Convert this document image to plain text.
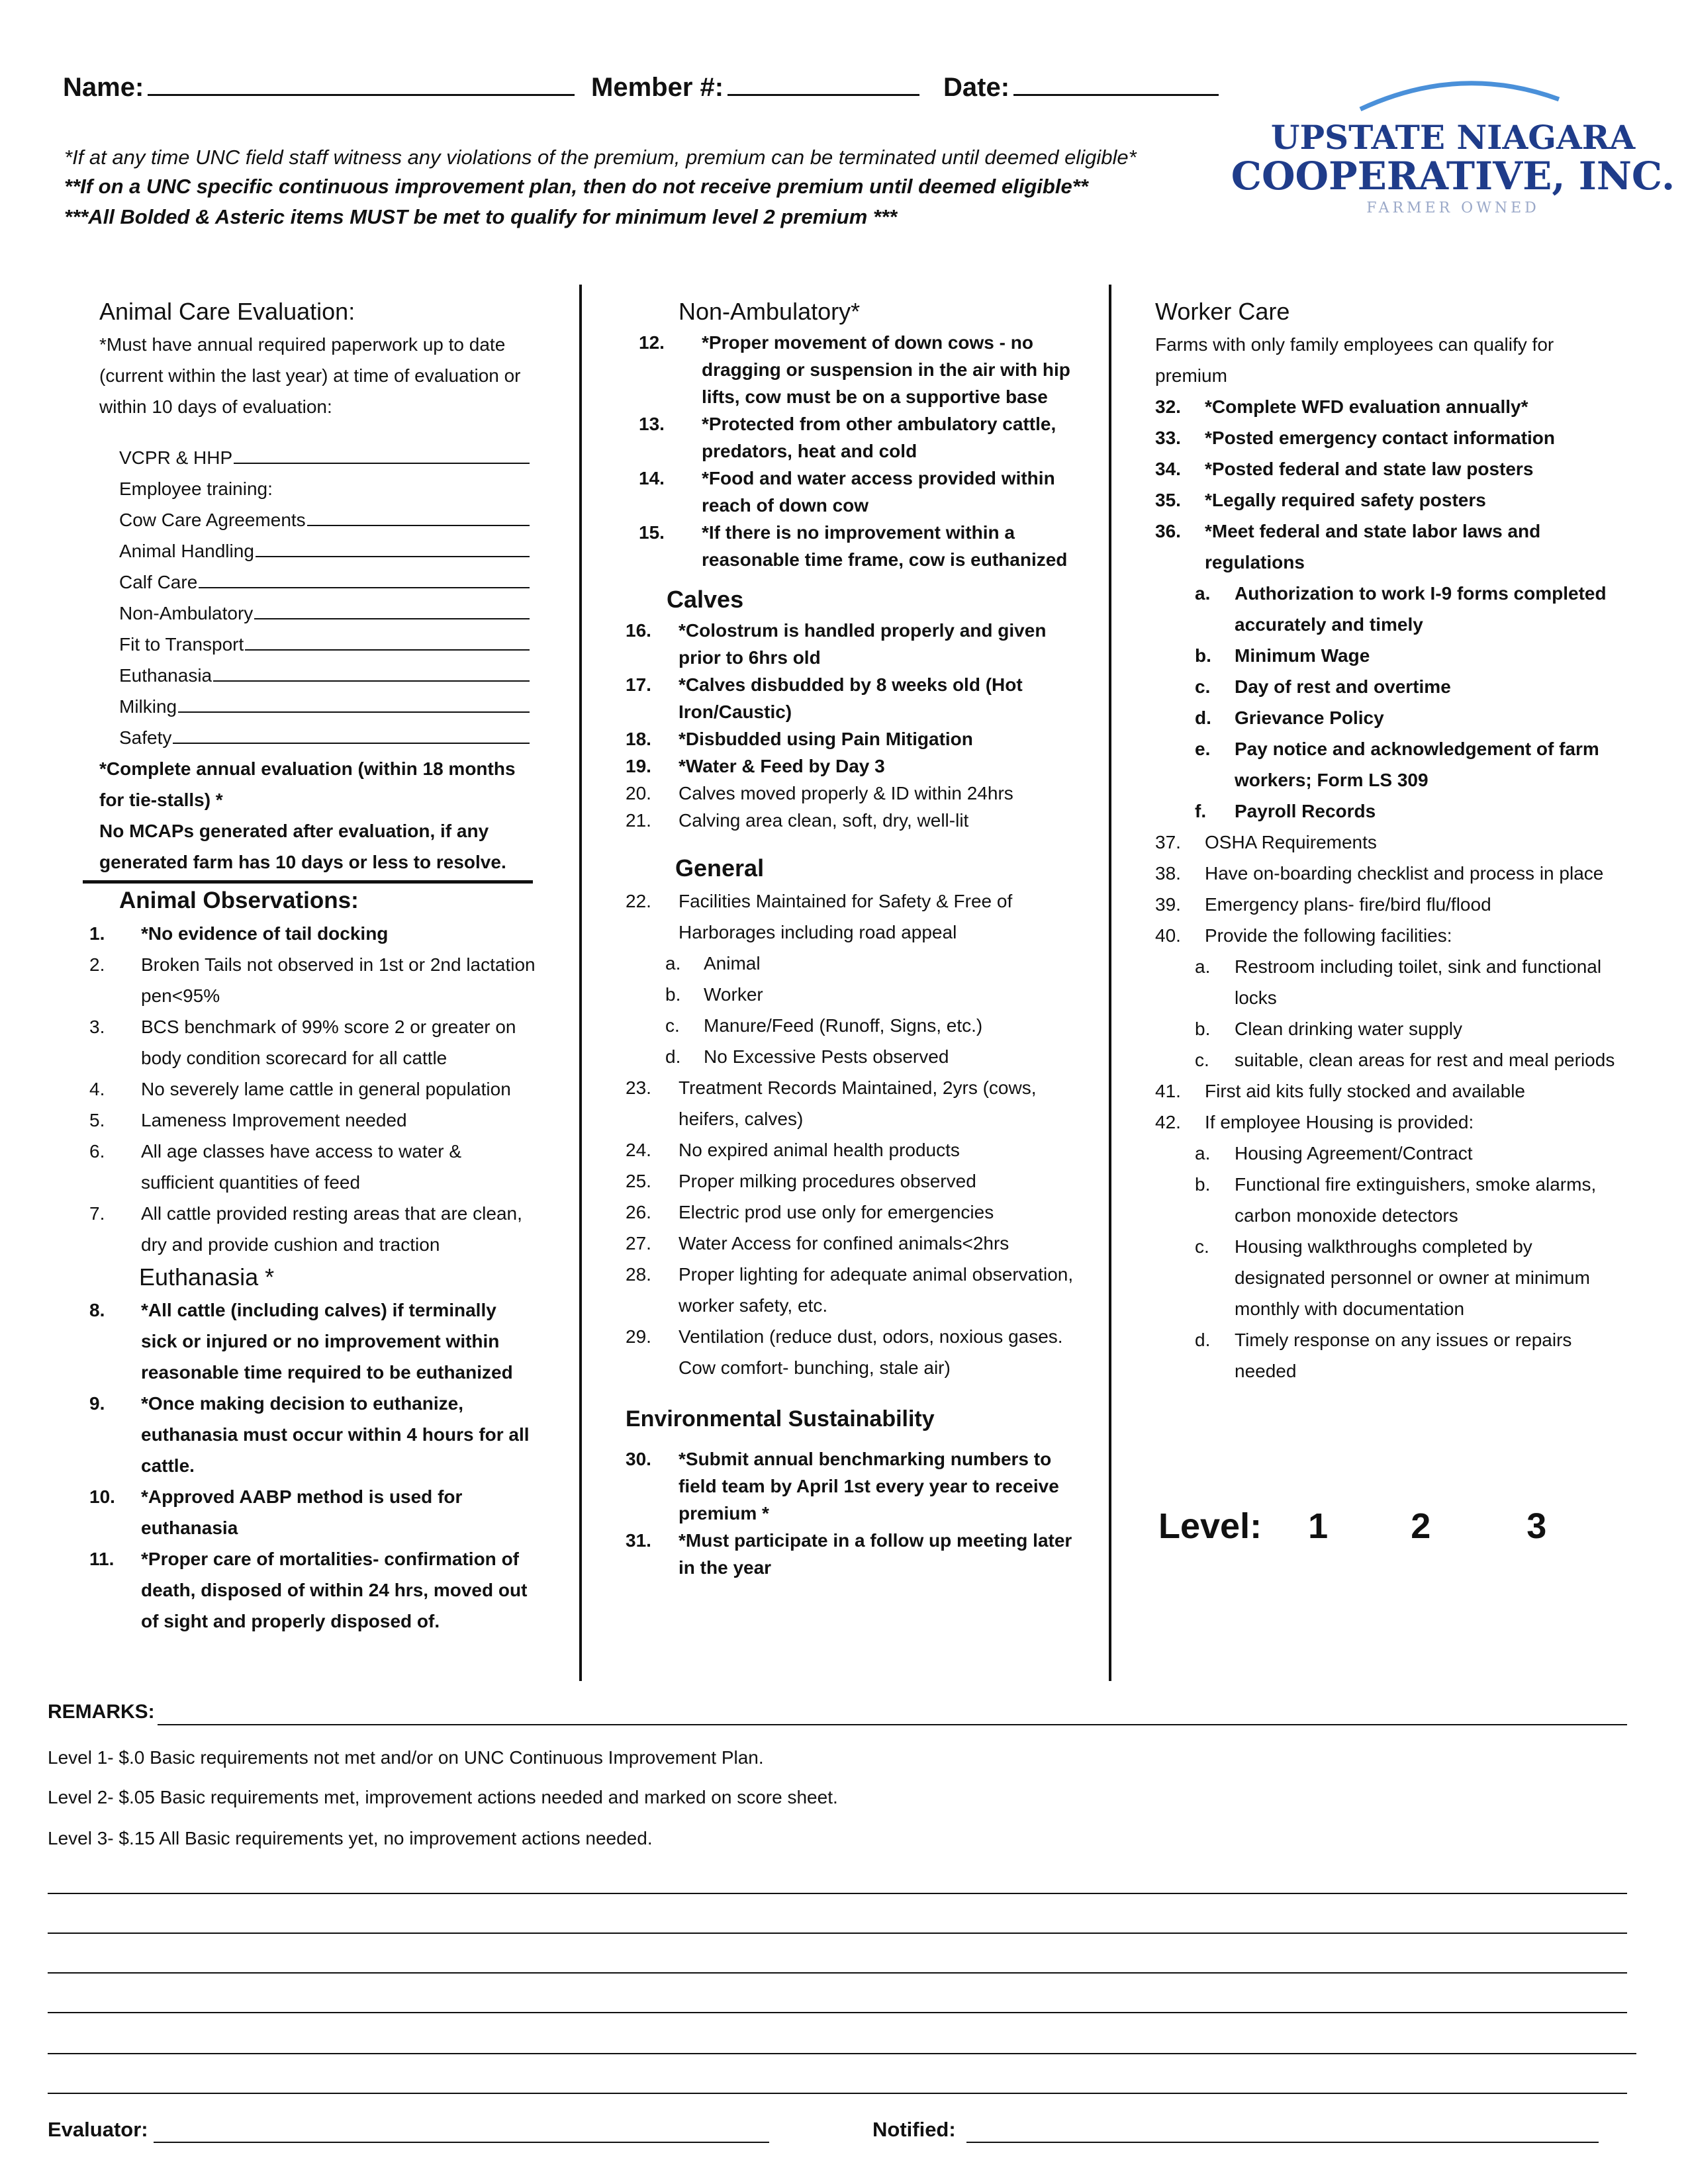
Name:	Member #:	Date:
*If at any time UNC field staff witness any violations of the premium, premium can be terminated until deemed eligible*
**If on a UNC specific continuous improvement plan, then do not receive premium until deemed eligible**
***All Bolded & Asteric items MUST be met to qualify for minimum level 2 premium ***
UPSTATE NIAGARA
COOPERATIVE, INC.
FARMER OWNED
Animal Care Evaluation:
*Must have annual required paperwork up to date (current within the last year) at time of evaluation or within 10 days of evaluation:
VCPR & HHP
Employee training:
Cow Care Agreements
Animal Handling
Calf Care
Non-Ambulatory
Fit to Transport
Euthanasia
Milking
Safety
*Complete annual evaluation (within 18 months for tie-stalls) *
No MCAPs generated after evaluation, if any generated farm has 10 days or less to resolve.
Animal Observations:
1.	*No evidence of tail docking
2.	Broken Tails not observed in 1st or 2nd lactation pen<95%
3.	BCS benchmark of 99% score 2 or greater on body condition scorecard for all cattle
4.	No severely lame cattle in general population
5.	Lameness Improvement needed
6.	All age classes have access to water & sufficient quantities of feed
7.	All cattle provided resting areas that are clean, dry and provide cushion and traction
Euthanasia *
8.	*All cattle (including calves) if terminally sick or injured or no improvement within reasonable time required to be euthanized
9.	*Once making decision to euthanize, euthanasia must occur within 4 hours for all cattle.
10.	*Approved AABP method is used for euthanasia
11.	*Proper care of mortalities- confirmation of death, disposed of within 24 hrs, moved out of sight and properly disposed of.
Non-Ambulatory*
12.	*Proper movement of down cows - no dragging or suspension in the air with hip lifts, cow must be on a supportive base
13.	*Protected from other ambulatory cattle, predators, heat and cold
14.	*Food and water access provided within reach of down cow
15.	*If there is no improvement within a reasonable time frame, cow is euthanized
Calves
16.	*Colostrum is handled properly and given prior to 6hrs old
17.	*Calves disbudded by 8 weeks old (Hot Iron/Caustic)
18.	*Disbudded using Pain Mitigation
19.	*Water & Feed by Day 3
20.	Calves moved properly & ID within 24hrs
21.	Calving area clean, soft, dry, well-lit
General
22.	Facilities Maintained for Safety & Free of Harborages including road appeal
a.	Animal
b.	Worker
c.	Manure/Feed (Runoff, Signs, etc.)
d.	No Excessive Pests observed
23.	Treatment Records Maintained, 2yrs (cows, heifers, calves)
24.	No expired animal health products
25.	Proper milking procedures observed
26.	Electric prod use only for emergencies
27.	Water Access for confined animals<2hrs
28.	Proper lighting for adequate animal observation, worker safety, etc.
29.	Ventilation (reduce dust, odors, noxious gases. Cow comfort- bunching, stale air)
Environmental Sustainability
30.	*Submit annual benchmarking numbers to field team by April 1st every year to receive premium *
31.	*Must participate in a follow up meeting later in the year
Worker Care
Farms with only family employees can qualify for premium
32.	*Complete WFD evaluation annually*
33.	*Posted emergency contact information
34.	*Posted federal and state law posters
35.	*Legally required safety posters
36.	*Meet federal and state labor laws and regulations
a.	Authorization to work I-9 forms completed accurately and timely
b.	Minimum Wage
c.	Day of rest and overtime
d.	Grievance Policy
e.	Pay notice and acknowledgement of farm workers; Form LS 309
f.	Payroll Records
37.	OSHA Requirements
38.	Have on-boarding checklist and process in place
39.	Emergency plans- fire/bird flu/flood
40.	Provide the following facilities:
a.	Restroom including toilet, sink and functional locks
b.	Clean drinking water supply
c.	suitable, clean areas for rest and meal periods
41.	First aid kits fully stocked and available
42.	If employee Housing is provided:
a.	Housing Agreement/Contract
b.	Functional fire extinguishers, smoke alarms, carbon monoxide detectors
c.	Housing walkthroughs completed by designated personnel or owner at minimum monthly with documentation
d.	Timely response on any issues or repairs needed
Level: 1 2	3
REMARKS:
Level 1- $.0 Basic requirements not met and/or on UNC Continuous Improvement Plan.
Level 2- $.05 Basic requirements met, improvement actions needed and marked on score sheet.
Level 3- $.15 All Basic requirements yet, no improvement actions needed.
Evaluator:	Notified:
